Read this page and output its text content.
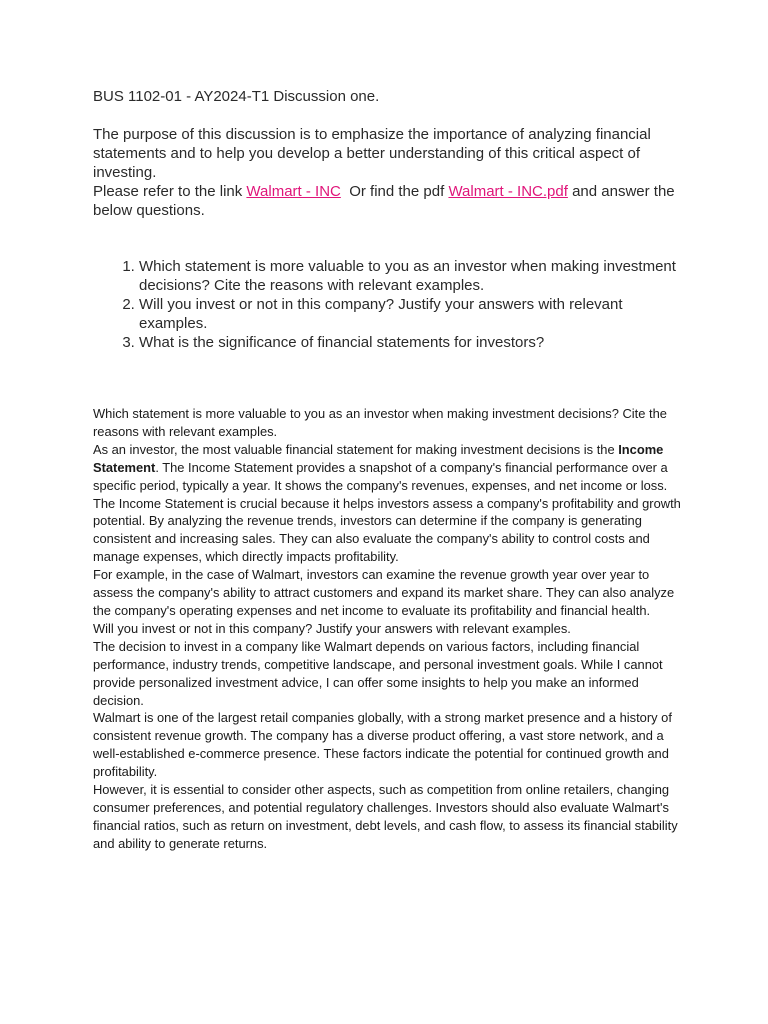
BUS 1102-01 - AY2024-T1 Discussion one.

The purpose of this discussion is to emphasize the importance of analyzing financial statements and to help you develop a better understanding of this critical aspect of investing.

Please refer to the link Walmart - INC  Or find the pdf Walmart - INC.pdf and answer the below questions.

1. Which statement is more valuable to you as an investor when making investment decisions? Cite the reasons with relevant examples.
2. Will you invest or not in this company? Justify your answers with relevant examples.
3. What is the significance of financial statements for investors?

Which statement is more valuable to you as an investor when making investment decisions? Cite the reasons with relevant examples.

As an investor, the most valuable financial statement for making investment decisions is the Income Statement. The Income Statement provides a snapshot of a company's financial performance over a specific period, typically a year. It shows the company's revenues, expenses, and net income or loss.

The Income Statement is crucial because it helps investors assess a company's profitability and growth potential. By analyzing the revenue trends, investors can determine if the company is generating consistent and increasing sales. They can also evaluate the company's ability to control costs and manage expenses, which directly impacts profitability.

For example, in the case of Walmart, investors can examine the revenue growth year over year to assess the company's ability to attract customers and expand its market share. They can also analyze the company's operating expenses and net income to evaluate its profitability and financial health.

Will you invest or not in this company? Justify your answers with relevant examples.

The decision to invest in a company like Walmart depends on various factors, including financial performance, industry trends, competitive landscape, and personal investment goals. While I cannot provide personalized investment advice, I can offer some insights to help you make an informed decision.

Walmart is one of the largest retail companies globally, with a strong market presence and a history of consistent revenue growth. The company has a diverse product offering, a vast store network, and a well-established e-commerce presence. These factors indicate the potential for continued growth and profitability.

However, it is essential to consider other aspects, such as competition from online retailers, changing consumer preferences, and potential regulatory challenges. Investors should also evaluate Walmart's financial ratios, such as return on investment, debt levels, and cash flow, to assess its financial stability and ability to generate returns.
